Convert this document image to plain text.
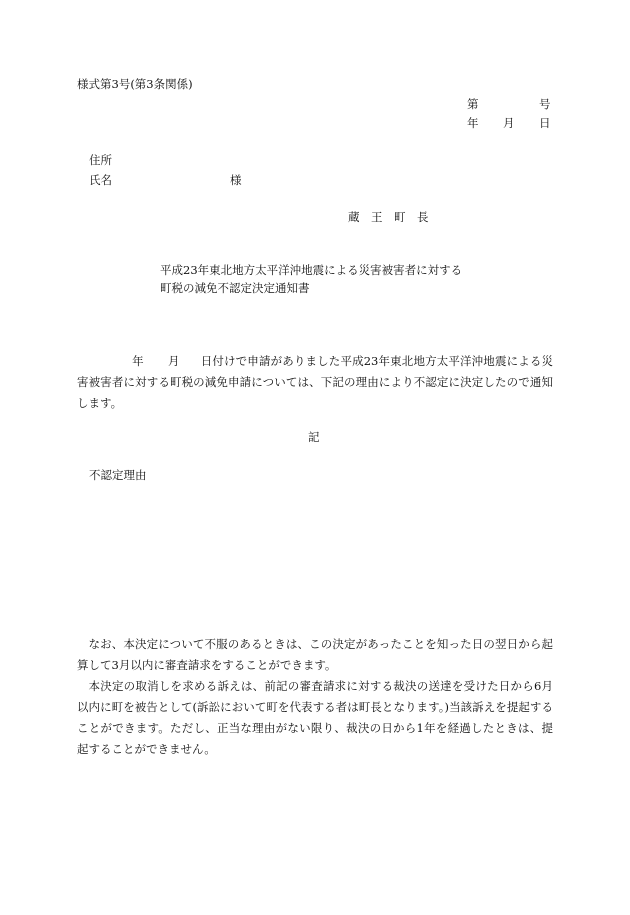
様式第3号(第3条関係)
第	号
年 月 日
住所
氏名	様
蔵　王　町　長
平成23年東北地方太平洋沖地震による災害被害者に対する
町税の減免不認定決定通知書
年 月 日付けで申請がありました平成23年東北地方太平洋沖地震による災害被害者に対する町税の減免申請については、下記の理由により不認定に決定したので通知します。
記
不認定理由
なお、本決定について不服のあるときは、この決定があったことを知った日の翌日から起算して3月以内に審査請求をすることができます。
本決定の取消しを求める訴えは、前記の審査請求に対する裁決の送達を受けた日から6月以内に町を被告として(訴訟において町を代表する者は町長となります。)当該訴えを提起することができます。ただし、正当な理由がない限り、裁決の日から1年を経過したときは、提起することができません。
